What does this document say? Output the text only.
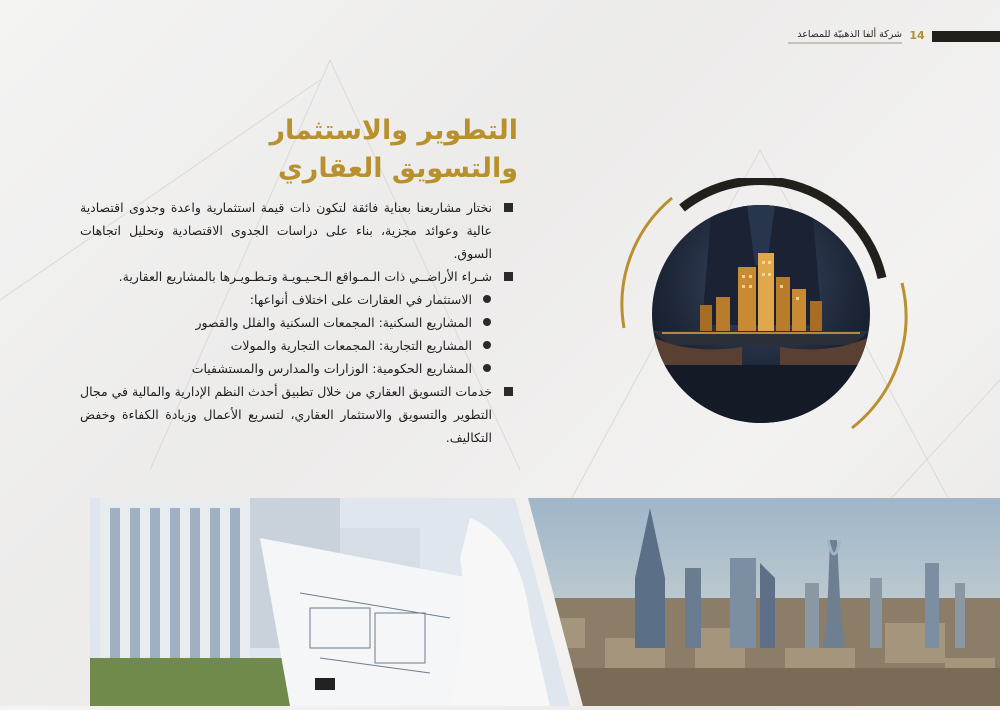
14
شركة ألفا الذهبيّة للمصاعد
التطوير والاستثمار
والتسويق العقاري
نختار مشاريعنا بعناية فائقة لتكون ذات قيمة استثمارية واعدة وجدوى اقتصادية عالية وعوائد مجزية، بناء على دراسات الجدوى الاقتصادية وتحليل اتجاهات السوق.
شـراء الأراضــي ذات الـمـواقع الـحـيـويـة وتـطـويـرها بالمشاريع العقارية.
الاستثمار في العقارات على اختلاف أنواعها:
المشاريع السكنية: المجمعات السكنية والفلل والقصور
المشاريع التجارية: المجمعات التجارية والمولات
المشاريع الحكومية: الوزارات والمدارس والمستشفيات
خدمات التسويق العقاري من خلال تطبيق أحدث النظم الإدارية والمالية في مجال التطوير والتسويق والاستثمار العقاري، لتسريع الأعمال وزيادة الكفاءة وخفض التكاليف.
